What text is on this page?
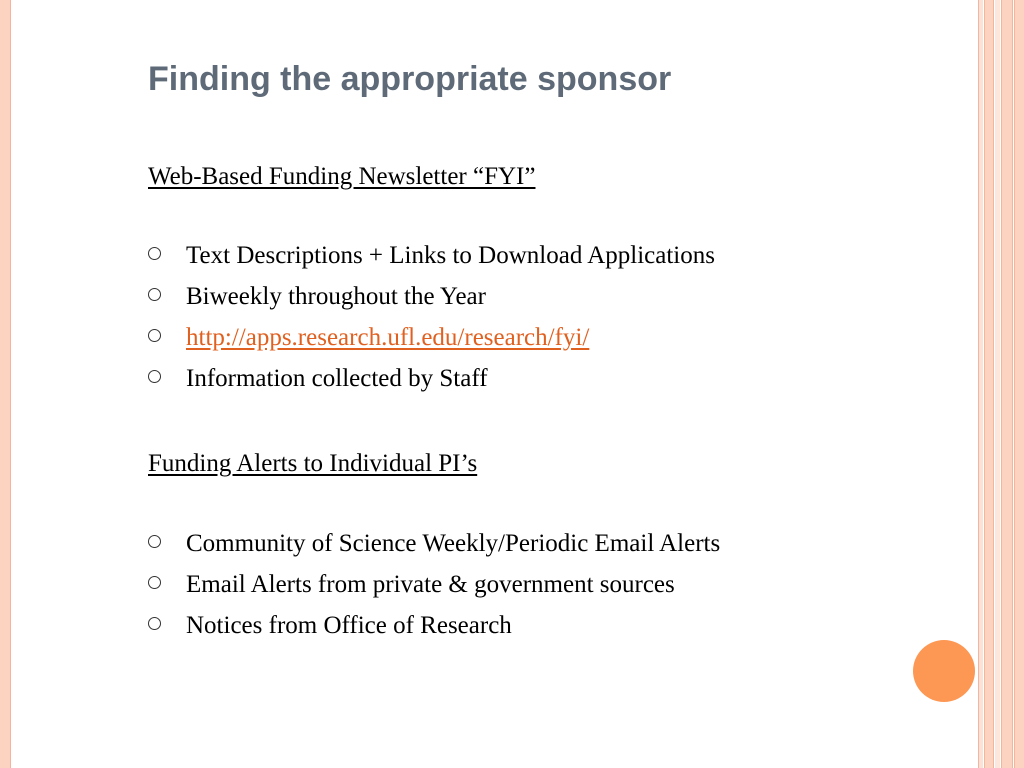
Finding the appropriate sponsor
Web-Based Funding Newsletter “FYI”
Text Descriptions + Links to Download Applications
Biweekly throughout the Year
http://apps.research.ufl.edu/research/fyi/
Information collected by Staff
Funding Alerts to Individual PI’s
Community of Science Weekly/Periodic Email Alerts
Email Alerts from private & government sources
Notices from Office of Research
